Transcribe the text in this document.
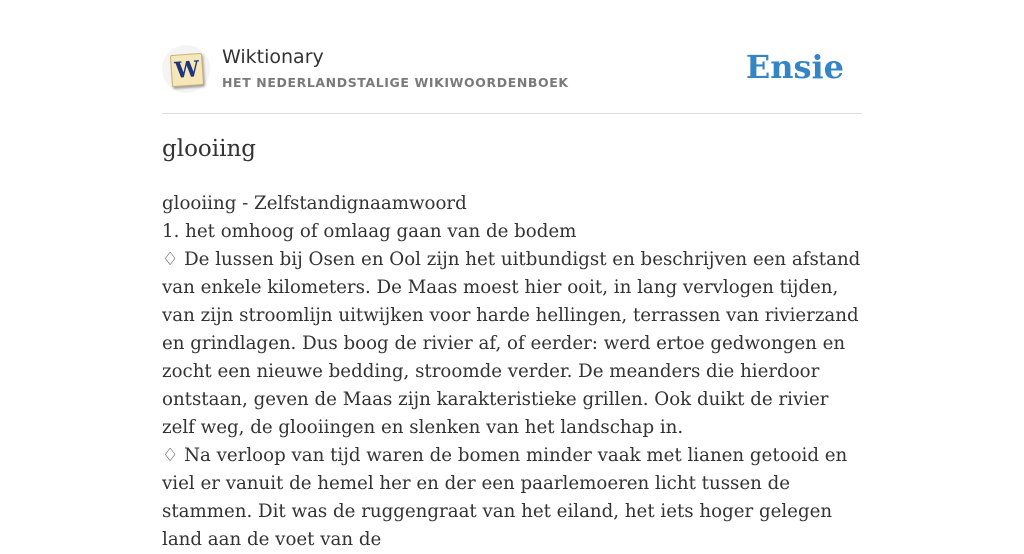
W Wiktionary
HET NEDERLANDSTALIGE WIKIWOORDENBOEK	Ensie
glooiing

glooiing - Zelfstandignaamwoord

1. het omhoog of omlaag gaan van de bodem

♢ De lussen bij Osen en Ool zijn het uitbundigst en beschrijven een afstand van enkele kilometers. De Maas moest hier ooit, in lang vervlogen tijden, van zijn stroomlijn uitwijken voor harde hellingen, terrassen van rivierzand en grindlagen. Dus boog de rivier af, of eerder: werd ertoe gedwongen en zocht een nieuwe bedding, stroomde verder. De meanders die hierdoor ontstaan, geven de Maas zijn karakteristieke grillen. Ook duikt de rivier zelf weg, de glooiingen en slenken van het landschap in.

♢ Na verloop van tijd waren de bomen minder vaak met lianen getooid en viel er vanuit de hemel her en der een paarlemoeren licht tussen de stammen. Dit was de ruggengraat van het eiland, het iets hoger gelegen land aan de voet van de
